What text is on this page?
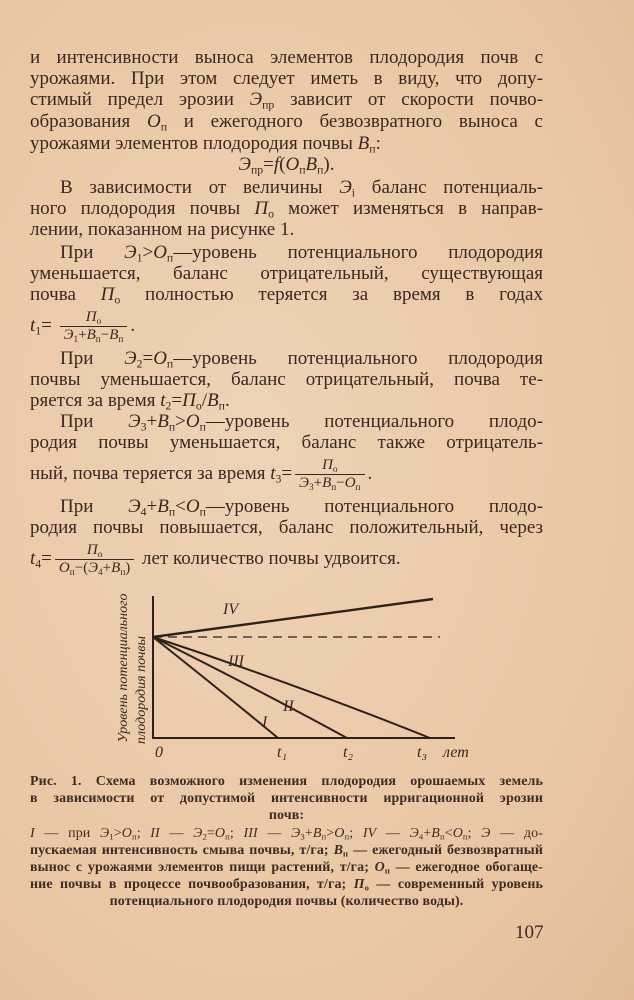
и интенсивности выноса элементов плодородия почв с
урожаями. При этом следует иметь в виду, что допу-
стимый предел эрозии $Э_{пр}$ зависит от скорости почво-
образования $О_п$ и ежегодного безвозвратного выноса с
урожаями элементов плодородия почвы $В_п$:
$Э_{пр}=f(О_пВ_п)$.
В зависимости от величины $Э_i$ баланс потенциаль-
ного плодородия почвы $П_о$ может изменяться в направ-
лении, показанном на рисунке 1.
При $Э_1>О_п—уровень$ потенциального плодородия
уменьшается, баланс отрицательный, существующая
почва $П_о$ полностью теряется за время в годах
$t_1= \frac{П_о}{Э_1+В_п-В_п}$ .
При $Э_2=О_п—уровень$ потенциального плодородия
почвы уменьшается, баланс отрицательный, почва те-
ряется за время $t_2=П_о/В_п$.
При $Э_3+В_п>О_п—уровень$ потенциального плодо-
родия почвы уменьшается, баланс также отрицатель-
ный, почва теряется за время $t_3= \frac{П_о}{Э_3+В_п-О_п}$ .
При $Э_4+В_п<О_п—уровень$ потенциального плодо-
родия почвы повышается, баланс положительный, через
$t_4= \frac{П_о}{О_п-(Э_4+В_п)}$ лет количество почвы удвоится.
IV
III
II
I
0	t₁	t₂	t₃ лет
Уровень потенциального плодородия почвы
Рис. 1. Схема возможного изменения плодородия орошаемых земель
в зависимости от допустимой интенсивности ирригационной эрозии
почв:
I — при $Э_1>О_п$; II — $Э_2=О_п$; III — $Э_3+В_п>О_п$; IV — $Э_4+В_п<О_п$; Э — до-
пускаемая интенсивность смыва почвы, т/га; $В_п$ — ежегодный безвозвратный
вынос с урожаями элементов пищи растений, т/га; $О_п$ — ежегодное обогаще-
ние почвы в процессе почвообразования, т/га; $П_о$ — современный уровень
потенциального плодородия почвы (количество воды).
107
